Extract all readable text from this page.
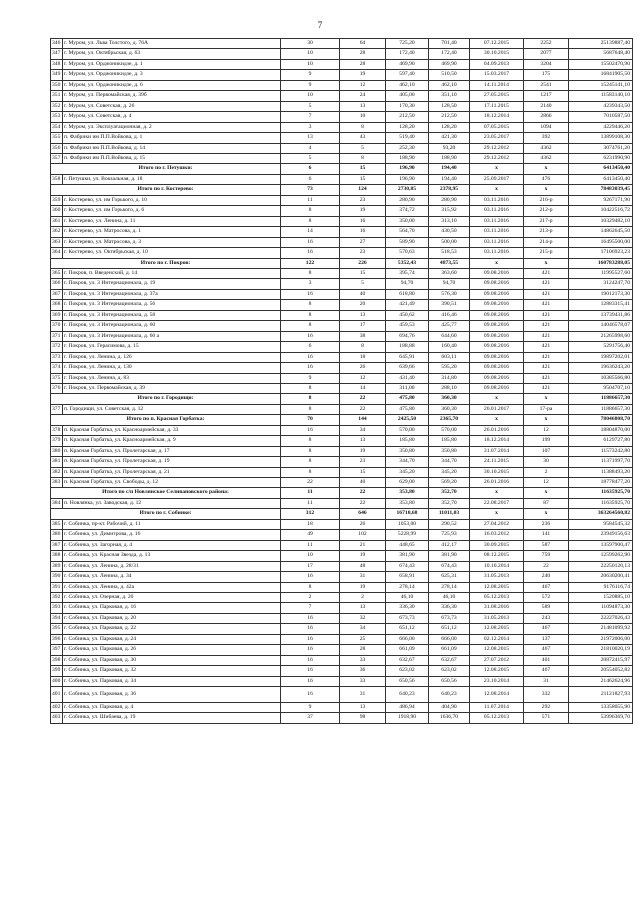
7
346	г. Муром, ул. Льва Толстого, д. 76А	30	64	725,20	701,40	07.12.2015	2252	25139887,40
347	г. Муром, ул. Октябрьская, д. 63	10	28	172,40	172,40	30.10.2015	2077	5687648,40
348	г. Муром, ул. Орджоникидзе, д. 1	10	28	469,90	469,90	04.09.2013	3204	15502470,90
349	г. Муром, ул. Орджоникидзе, д. 3	9	19	597,40	510,50	15.03.2017	175	16841905,50
350	г. Муром, ул. Орджоникидзе, д. 6	9	12	462,10	462,10	14.11.2014	2541	15245141,10
351	г. Муром, ул. Первомайская, д. 39б	10	24	405,00	351,10	27.05.2015	1217	11583140,10
352	г. Муром, ул. Советская, д. 26	5	13	170,30	128,50	17.11.2015	2140	4239343,50
353	г. Муром, ул. Советская, д. 4	7	10	212,50	212,50	18.12.2014	2866	7010587,50
354	г. Муром, ул. Эксплуатационная, д. 2	3	8	128,20	128,20	07.05.2015	1094	4229446,20
355	п. Фабрики им П.П.Войкова, д. 1	13	43	519,40	421,30	23.05.2017	392	13899108,30
356	п. Фабрики им П.П.Войкова, д. 14	4	5	252,30	93,20	29.12.2012	4362	3074761,20
357	п. Фабрики им П.П.Войкова, д. 15	5	8	188,90	188,90	29.12.2012	4362	6231990,90
Итого по г. Петушки:		6	15	196,90	194,40	х	х	6413450,40
358	г. Петушки, ул. Вокзальная, д. 18	6	15	196,90	194,40	25.09.2017	476	6413450,40
Итого по г. Костерево:		73	124	2730,85	2378,95	х	х	78483039,45
359	г. Костерево, ул. им Горького, д. 10	11	23	280,90	280,90	03.11.2016	216-р	9267171,90
360	г. Костерево, ул. им Горького, д. 6	8	19	374,72	315,92	03.11.2016	212-р	10422516,72
361	г. Костерево, ул. Ленина, д. 11	8	16	350,00	313,10	03.11.2016	217-р	10329482,10
362	г. Костерево, ул. Матросова, д. 1	14	16	564,70	430,50	03.11.2016	213-р	14862645,50
363	г. Костерево, ул. Матросова, д. 3	16	27	589,90	500,00	03.11.2016	214-р	16495500,00
364	г. Костерево, ул. Октябрьская, д. 10	16	23	570,63	518,53	03.11.2016	215-р	17106923,23
Итого по г. Покров:		122	226	5352,43	4873,55	х	х	160783288,05
365	г. Покров, п. Введенский, д. 14	8	15	395,74	363,60	09.08.2016	421	11995527,60
366	г. Покров, ул. 3 Интернационала, д. 19	3	5	94,70	94,70	09.08.2016	421	3124247,70
367	г. Покров, ул. 3 Интернационала, д. 37а	16	40	618,80	576,30	09.08.2016	421	19012173,30
368	г. Покров, ул. 3 Интернационала, д. 56	8	20	421,49	390,51	09.08.2016	421	12883315,41
369	г. Покров, ул. 3 Интернационала, д. 58	8	13	450,62	416,46	09.08.2016	421	13739431,86
370	г. Покров, ул. 3 Интернационала, д. 60	8	17	459,53	425,77	09.08.2016	421	14046578,07
371	г. Покров, ул. 3 Интернационала, д. 60 а	16	38	694,76	644,60	09.08.2016	421	21265998,60
372	г. Покров, ул. Герасимова, д. 15	6	8	188,88	160,40	09.08.2016	421	5291756,40
373	г. Покров, ул. Ленина, д. 126	16	18	645,91	603,11	09.08.2016	421	19897202,01
374	г. Покров, ул. Ленина, д. 130	16	26	639,66	595,20	09.08.2016	421	19636243,20
375	г. Покров, ул. Ленина, д. 83	9	12	431,40	314,80	09.08.2016	421	10385566,80
376	г. Покров, ул. Первомайская, д. 39	8	14	311,00	288,10	09.08.2016	421	9504707,10
Итого по г. Городищи:		8	22	475,80	360,30	х	х	11886657,30
377	п. Городищи, ул. Советская, д. 12	8	22	475,80	360,30	26.01.2017	17-ра	11886657,30
Итого по п. Красная Горбатка:		70	144	2425,50	2365,70	х	х	78046808,70
378	п. Красная Горбатка, ул. Красноармейская, д. 33	16	34	570,00	570,00	26.01.2016	12	18804870,00
379	п. Красная Горбатка, ул. Красноармейская, д. 9	8	13	185,80	185,80	18.12.2014	199	6129727,80
380	п. Красная Горбатка, ул. Пролетарская, д. 17	8	19	350,80	350,80	31.07.2014	107	11573242,80
381	п. Красная Горбатка, ул. Пролетарская, д. 19	8	23	344,70	344,70	24.11.2015	30	11371997,70
382	п. Красная Горбатка, ул. Пролетарская, д. 21	8	15	345,20	345,20	30.10.2015	2	11388493,20
383	п. Красная Горбатка, ул. Свободы, д. 12	22	40	629,00	569,20	26.01.2016	12	18778477,20
Итого по с/п Новлянское Селивановского района:		11	22	353,80	352,70	х	х	11635925,70
384	п. Новлянка, ул. Заводская, д. 12	11	22	353,80	352,70	22.08.2017	87	11635925,70
Итого по г. Собинке:		312	646	16710,68	11011,03	х	х	363264560,82
385	г. Собинка, пр-кт. Рабочий, д. 11	18	26	1053,00	290,52	27.04.2012	236	9584545,32
386	г. Собинка, ул. Димитрова, д. 16	49	102	5228,99	725,93	16.03.2012	141	23949156,63
387	г. Собинка, ул. Загорная, д. 4	11	21	448,65	412,17	30.09.2015	587	13597900,47
388	г. Собинка, ул. Красная Звезда, д. 13	10	19	381,90	381,90	08.12.2015	759	12599262,90
389	г. Собинка, ул. Ленина, д. 28/31	17	48	674,43	674,43	10.10.2014	22	22250120,13
390	г. Собинка, ул. Ленина, д. 34	16	31	658,91	625,31	31.05.2013	240	20630200,41
391	г. Собинка, ул. Ленина, д. 42а	8	19	278,14	278,14	12.08.2015	467	9176116,74
392	г. Собинка, ул. Озерная, д. 20	2	2	46,10	46,10	05.12.2013	572	1520885,10
393	г. Собинка, ул. Парковая, д. 16	7	13	336,30	336,30	31.08.2016	589	11094873,30
394	г. Собинка, ул. Парковая, д. 20	16	32	673,73	673,73	31.05.2013	243	22227026,43
395	г. Собинка, ул. Парковая, д. 22	16	34	651,12	651,12	12.08.2015	467	21481099,92
396	г. Собинка, ул. Парковая, д. 24	16	25	666,00	666,00	02.12.2014	137	21972006,00
397	г. Собинка, ул. Парковая, д. 26	16	28	661,09	661,09	12.08.2015	467	21810020,19
398	г. Собинка, ул. Парковая, д. 30	16	33	632,67	632,67	27.07.2012	401	20872415,97
399	г. Собинка, ул. Парковая, д. 32	16	36	623,02	623,02	12.08.2015	467	20554052,82
400	г. Собинка, ул. Парковая, д. 34	16	33	650,56	650,56	23.10.2014	31	21462624,96
401	г. Собинка, ул. Парковая, д. 36	16	31	640,23	640,23	12.08.2014	332	21121827,93
402	г. Собинка, ул. Парковая, д. 4	9	13	486,94	404,90	11.07.2014	292	13358055,90
403	г. Собинка, ул. Шибаева, д. 19	37	98	1918,90	1636,70	05.12.2013	571	53996369,70
